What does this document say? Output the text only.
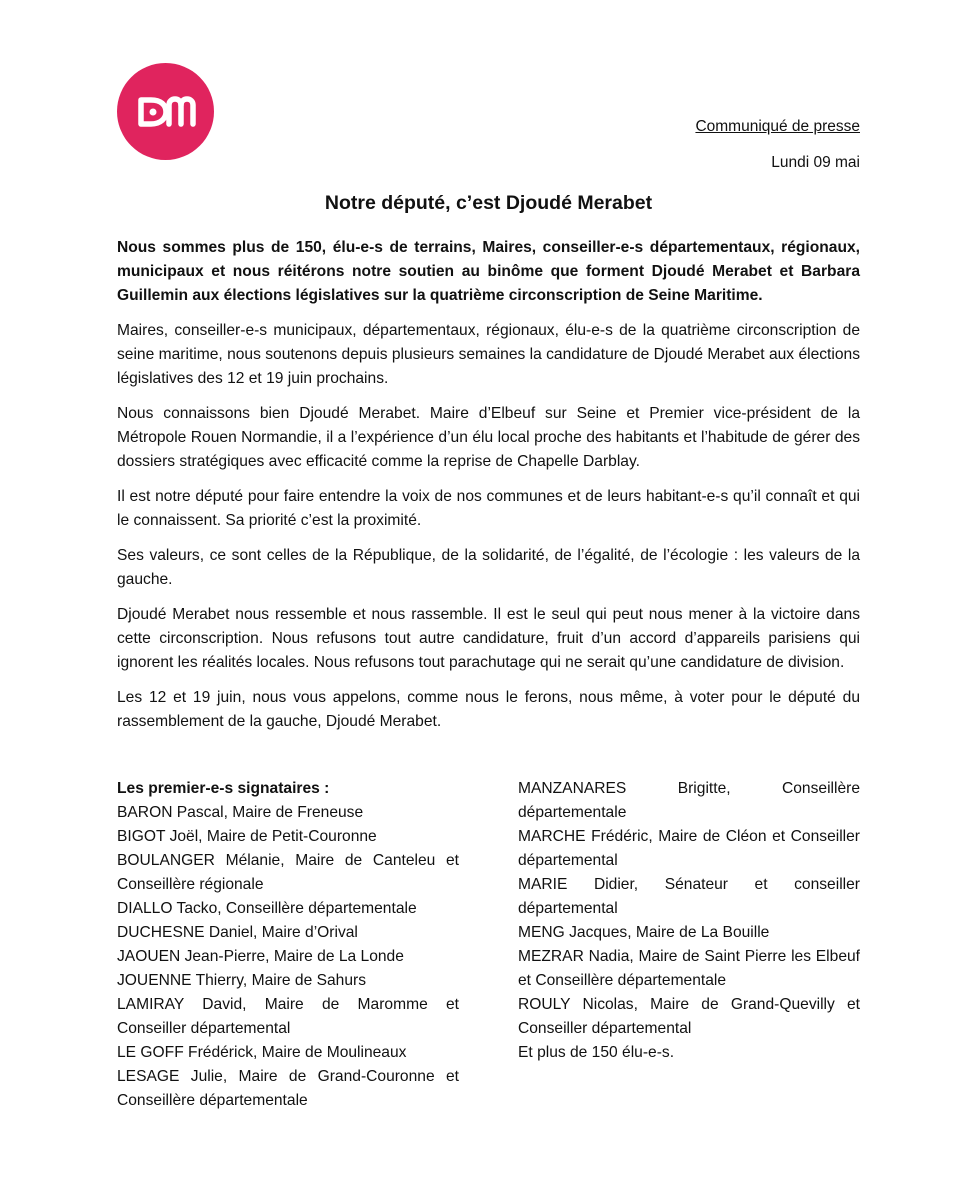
Communiqué de presse
Lundi 09 mai
Notre député, c’est Djoudé Merabet

Nous sommes plus de 150, élu-e-s de terrains, Maires, conseiller-e-s départementaux, régionaux, municipaux et nous réitérons notre soutien au binôme que forment Djoudé Merabet et Barbara Guillemin aux élections législatives sur la quatrième circonscription de Seine Maritime.

Maires, conseiller-e-s municipaux, départementaux, régionaux, élu-e-s de la quatrième circonscription de seine maritime, nous soutenons depuis plusieurs semaines la candidature de Djoudé Merabet aux élections législatives des 12 et 19 juin prochains.

Nous connaissons bien Djoudé Merabet. Maire d’Elbeuf sur Seine et Premier vice-président de la Métropole Rouen Normandie, il a l’expérience d’un élu local proche des habitants et l’habitude de gérer des dossiers stratégiques avec efficacité comme la reprise de Chapelle Darblay.

Il est notre député pour faire entendre la voix de nos communes et de leurs habitant-e-s qu’il connaît et qui le connaissent. Sa priorité c’est la proximité.

Ses valeurs, ce sont celles de la République, de la solidarité, de l’égalité, de l’écologie : les valeurs de la gauche.

Djoudé Merabet nous ressemble et nous rassemble. Il est le seul qui peut nous mener à la victoire dans cette circonscription. Nous refusons tout autre candidature, fruit d’un accord d’appareils parisiens qui ignorent les réalités locales. Nous refusons tout parachutage qui ne serait qu’une candidature de division.

Les 12 et 19 juin, nous vous appelons, comme nous le ferons, nous même, à voter pour le député du rassemblement de la gauche, Djoudé Merabet.

Les premier-e-s signataires :
BARON Pascal, Maire de Freneuse
BIGOT Joël, Maire de Petit-Couronne
BOULANGER Mélanie, Maire de Canteleu et Conseillère régionale
DIALLO Tacko, Conseillère départementale
DUCHESNE Daniel, Maire d’Orival
JAOUEN Jean-Pierre, Maire de La Londe
JOUENNE Thierry, Maire de Sahurs
LAMIRAY David, Maire de Maromme et Conseiller départemental
LE GOFF Frédérick, Maire de Moulineaux
LESAGE Julie, Maire de Grand-Couronne et Conseillère départementale
MANZANARES Brigitte, Conseillère départementale
MARCHE Frédéric, Maire de Cléon et Conseiller départemental
MARIE Didier, Sénateur et conseiller départemental
MENG Jacques, Maire de La Bouille
MEZRAR Nadia, Maire de Saint Pierre les Elbeuf et Conseillère départementale
ROULY Nicolas, Maire de Grand-Quevilly et Conseiller départemental
Et plus de 150 élu-e-s.
